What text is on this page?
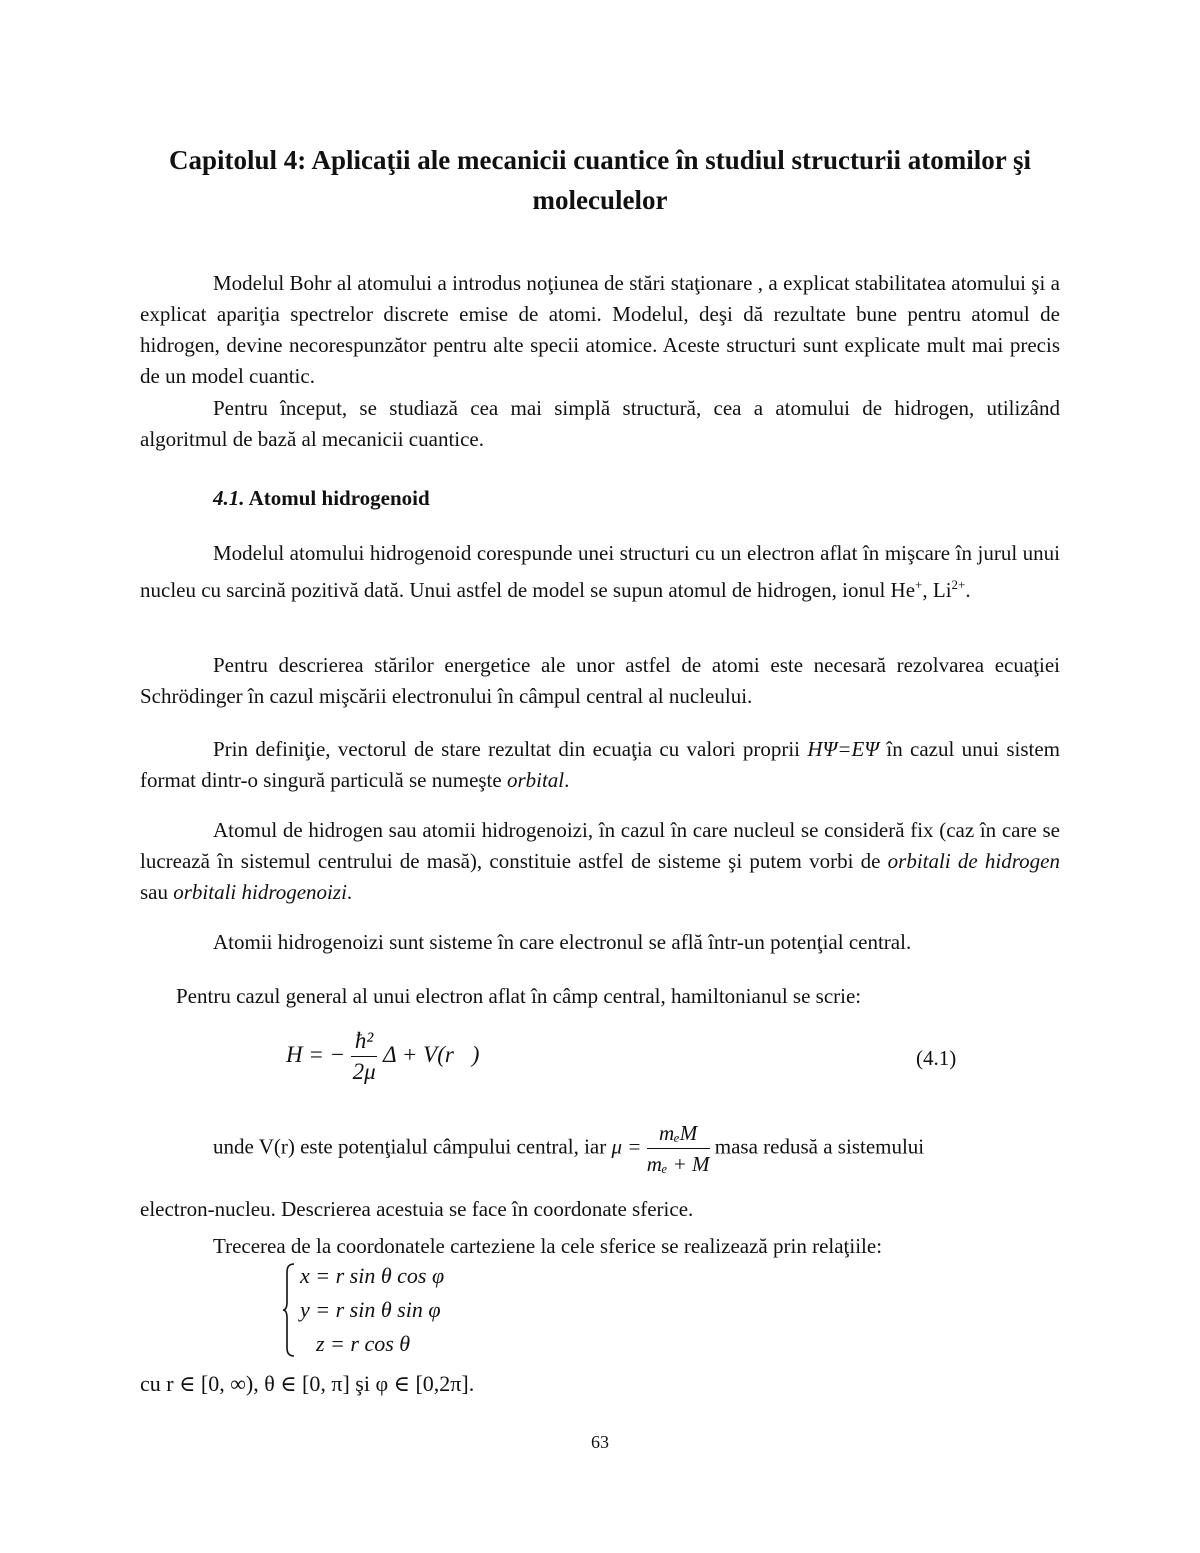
Capitolul 4: Aplicaţii ale mecanicii cuantice în studiul structurii atomilor şi
moleculelor
Modelul Bohr al atomului a introdus noţiunea de stări staţionare , a explicat stabilitatea atomului şi a explicat apariţia spectrelor discrete emise de atomi. Modelul, deşi dă rezultate bune pentru atomul de hidrogen, devine necorespunzător pentru alte specii atomice. Aceste structuri sunt explicate mult mai precis de un model cuantic.
Pentru început, se studiază cea mai simplă structură, cea a atomului de hidrogen, utilizând algoritmul de bază al mecanicii cuantice.
4.1. Atomul hidrogenoid
Modelul atomului hidrogenoid corespunde unei structuri cu un electron aflat în mişcare în jurul unui nucleu cu sarcină pozitivă dată. Unui astfel de model se supun atomul de hidrogen, ionul He+, $Li^{2+}$.
Pentru descrierea stărilor energetice ale unor astfel de atomi este necesară rezolvarea ecuaţiei Schrödinger în cazul mişcării electronului în câmpul central al nucleului.
Prin definiţie, vectorul de stare rezultat din ecuaţia cu valori proprii HΨ=EΨ în cazul unui sistem format dintr-o singură particulă se numeşte orbital.
Atomul de hidrogen sau atomii hidrogenoizi, în cazul în care nucleul se consideră fix (caz în care se lucrează în sistemul centrului de masă), constituie astfel de sisteme şi putem vorbi de orbitali de hidrogen sau orbitali hidrogenoizi.
Atomii hidrogenoizi sunt sisteme în care electronul se află într-un potenţial central.
Pentru cazul general al unui electron aflat în câmp central, hamiltonianul se scrie:
H = − $\frac{\text{ħ²}}{2\mu}$ Δ + V(r⃗)	(4.1)
unde V(r) este potenţialul câmpului central, iar $\mu = \frac{\text{mₑM}}{\text{mₑ + M}}$ masa redusă a sistemului
electron-nucleu. Descrierea acestuia se face în coordonate sferice.
Trecerea de la coordonatele carteziene la cele sferice se realizează prin relaţiile:
x = r sin θ cos φ
y = r sin θ sin φ
z = r cos θ
cu r ∈ [0, ∞), θ ∈ [0, π] şi φ ∈ [0,2π].
63
